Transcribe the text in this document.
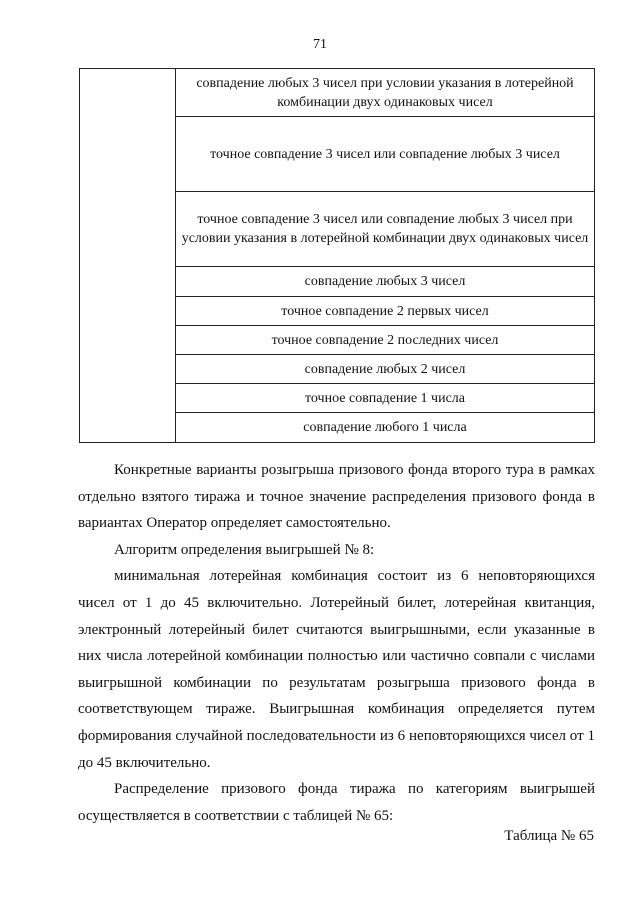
71
	совпадение любых 3 чисел при условии указания в лотерейной комбинации двух одинаковых чисел
точное совпадение 3 чисел или совпадение любых 3 чисел
точное совпадение 3 чисел или совпадение любых 3 чисел при условии указания в лотерейной комбинации двух одинаковых чисел
совпадение любых 3 чисел
точное совпадение 2 первых чисел
точное совпадение 2 последних чисел
совпадение любых 2 чисел
точное совпадение 1 числа
совпадение любого 1 числа

Конкретные варианты розыгрыша призового фонда второго тура в рамках отдельно взятого тиража и точное значение распределения призового фонда в вариантах Оператор определяет самостоятельно.

Алгоритм определения выигрышей № 8:

минимальная лотерейная комбинация состоит из 6 неповторяющихся чисел от 1 до 45 включительно. Лотерейный билет, лотерейная квитанция, электронный лотерейный билет считаются выигрышными, если указанные в них числа лотерейной комбинации полностью или частично совпали с числами выигрышной комбинации по результатам розыгрыша призового фонда в соответствующем тираже. Выигрышная комбинация определяется путем формирования случайной последовательности из 6 неповторяющихся чисел от 1 до 45 включительно.

Распределение призового фонда тиража по категориям выигрышей осуществляется в соответствии с таблицей № 65:

Таблица № 65
